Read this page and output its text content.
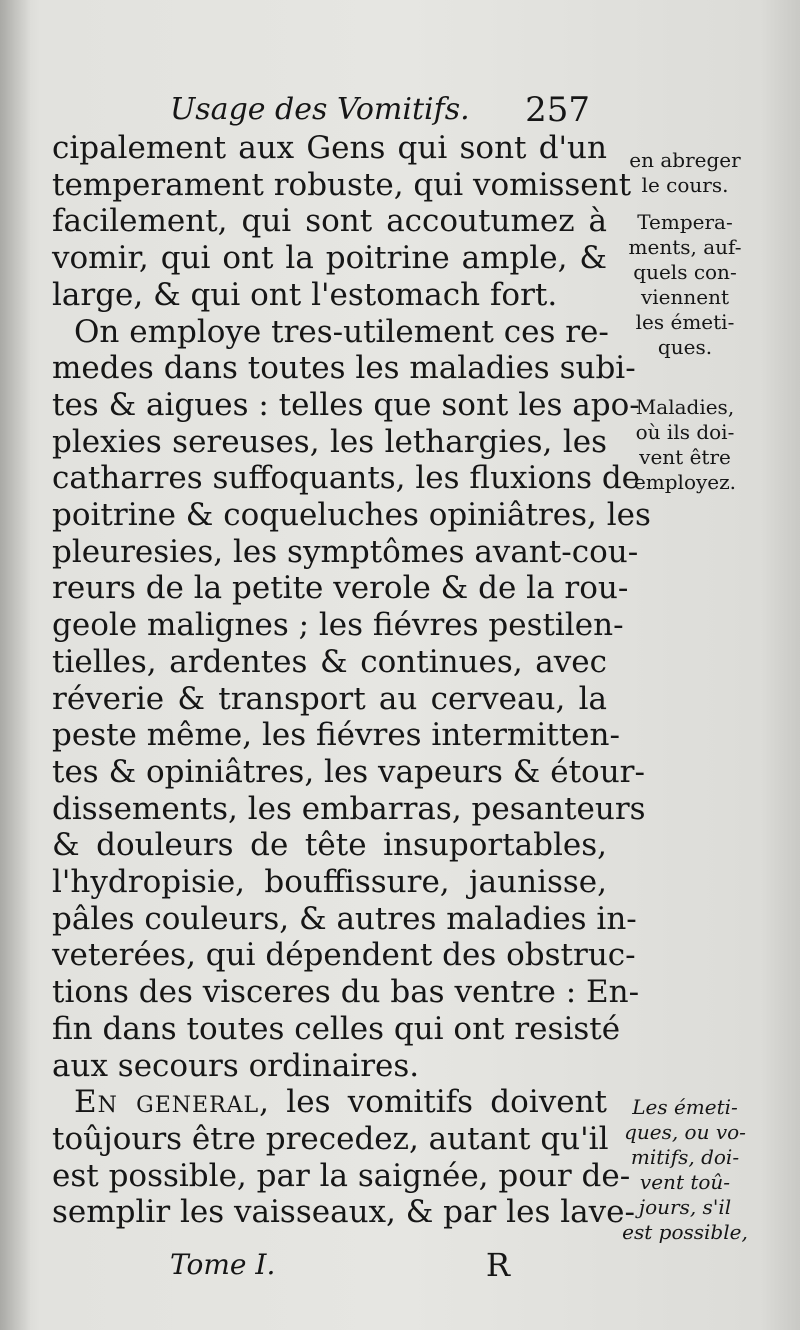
Usage des Vomitifs. 257
cipalement aux Gens qui sont d'un
temperament robuste, qui vomissent
facilement, qui sont accoutumez à
vomir, qui ont la poitrine ample, &
large, & qui ont l'estomach fort.
On employe tres-utilement ces re-
medes dans toutes les maladies subi-
tes & aigues : telles que sont les apo-
plexies sereuses, les lethargies, les
catharres suffoquants, les fluxions de
poitrine & coqueluches opiniâtres, les
pleuresies, les symptômes avant-cou-
reurs de la petite verole & de la rou-
geole malignes ; les fiévres pestilen-
tielles, ardentes & continues, avec
réverie & transport au cerveau, la
peste même, les fiévres intermitten-
tes & opiniâtres, les vapeurs & étour-
dissements, les embarras, pesanteurs
& douleurs de tête insuportables,
l'hydropisie, bouffissure, jaunisse,
pâles couleurs, & autres maladies in-
veterées, qui dépendent des obstruc-
tions des visceres du bas ventre : En-
fin dans toutes celles qui ont resisté
aux secours ordinaires.
En general, les vomitifs doivent
toûjours être precedez, autant qu'il
est possible, par la saignée, pour de-
semplir les vaisseaux, & par les lave-
en abreger
le cours.
Tempera-
ments, auf-
quels con-
viennent
les émeti-
ques.
Maladies,
où ils doi-
vent être
employez.
Les émeti-
ques, ou vo-
mitifs, doi-
vent toû-
jours, s'il
est possible,
Tome I.	R
